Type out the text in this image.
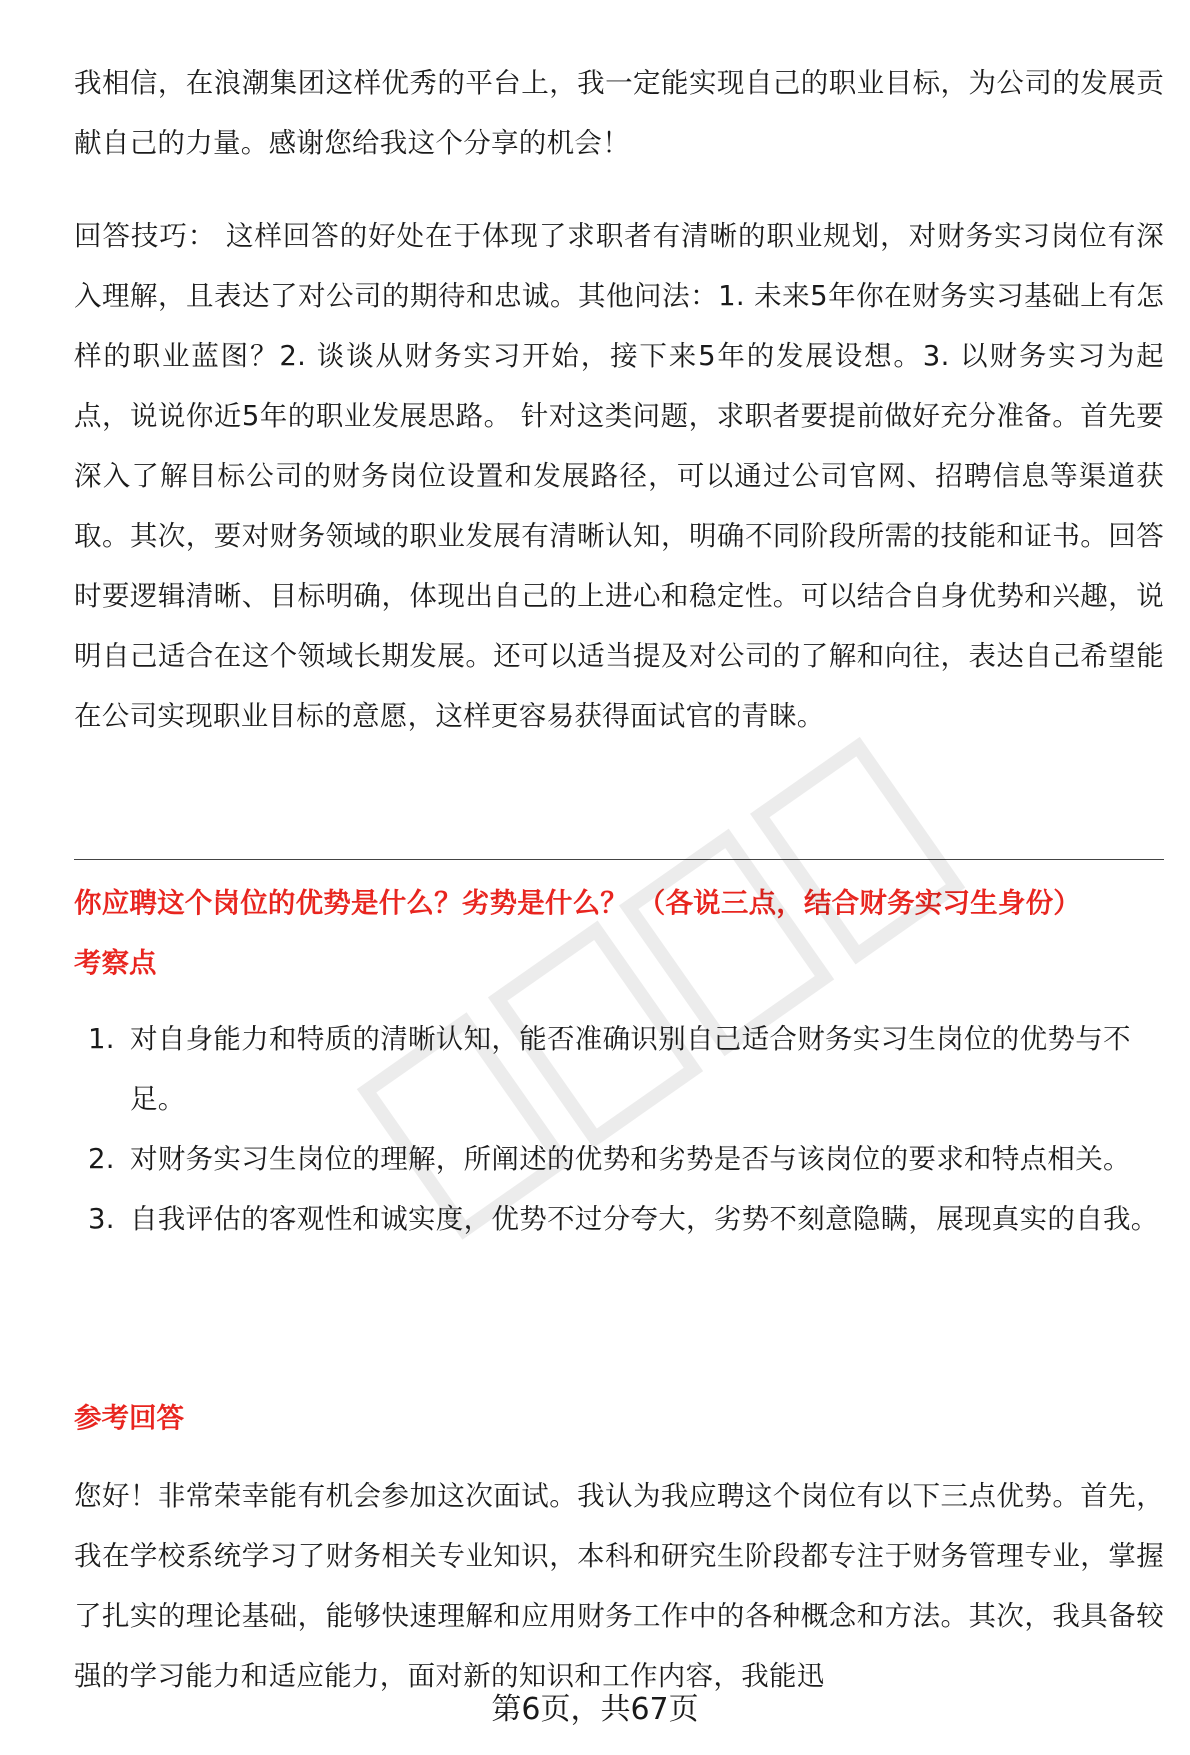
我相信，在浪潮集团这样优秀的平台上，我一定能实现自己的职业目标，为公司的发展贡献自己的力量。感谢您给我这个分享的机会！

回答技巧： 这样回答的好处在于体现了求职者有清晰的职业规划，对财务实习岗位有深入理解，且表达了对公司的期待和忠诚。其他问法：1. 未来5年你在财务实习基础上有怎样的职业蓝图？2. 谈谈从财务实习开始，接下来5年的发展设想。3. 以财务实习为起点，说说你近5年的职业发展思路。 针对这类问题，求职者要提前做好充分准备。首先要深入了解目标公司的财务岗位设置和发展路径，可以通过公司官网、招聘信息等渠道获取。其次，要对财务领域的职业发展有清晰认知，明确不同阶段所需的技能和证书。回答时要逻辑清晰、目标明确，体现出自己的上进心和稳定性。可以结合自身优势和兴趣，说明自己适合在这个领域长期发展。还可以适当提及对公司的了解和向往，表达自己希望能在公司实现职业目标的意愿，这样更容易获得面试官的青睐。

你应聘这个岗位的优势是什么？劣势是什么？ （各说三点，结合财务实习生身份）

考察点

1. 对自身能力和特质的清晰认知，能否准确识别自己适合财务实习生岗位的优势与不足。
2. 对财务实习生岗位的理解，所阐述的优势和劣势是否与该岗位的要求和特点相关。
3. 自我评估的客观性和诚实度，优势不过分夸大，劣势不刻意隐瞒，展现真实的自我。

参考回答

您好！非常荣幸能有机会参加这次面试。我认为我应聘这个岗位有以下三点优势。首先，我在学校系统学习了财务相关专业知识，本科和研究生阶段都专注于财务管理专业，掌握了扎实的理论基础，能够快速理解和应用财务工作中的各种概念和方法。其次，我具备较强的学习能力和适应能力，面对新的知识和工作内容，我能迅

第6页，共67页
